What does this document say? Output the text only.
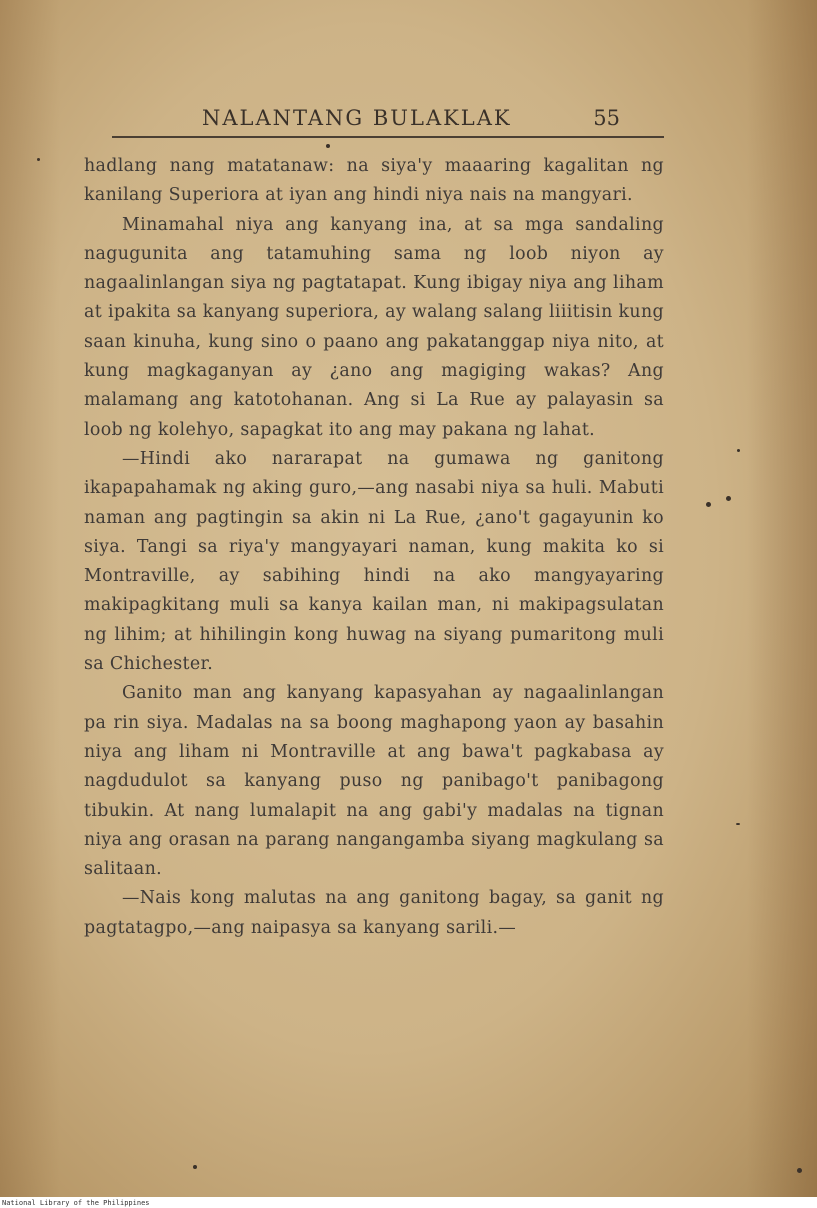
NALANTANG BULAKLAK	55

hadlang nang matatanaw: na siya'y maaaring kagalitan ng kanilang Superiora at iyan ang hindi niya nais na mangyari.

Minamahal niya ang kanyang ina, at sa mga sandaling nagugunita ang tatamuhing sama ng loob niyon ay nagaalinlangan siya ng pagtatapat. Kung ibigay niya ang liham at ipakita sa kanyang superiora, ay walang salang liiitisin kung saan kinuha, kung sino o paano ang pakatanggap niya nito, at kung magkaganyan ay ¿ano ang magiging wakas? Ang malamang ang katotohanan. Ang si La Rue ay palayasin sa loob ng kolehyo, sapagkat ito ang may pakana ng lahat.

—Hindi ako nararapat na gumawa ng ganitong ikapapahamak ng aking guro,—ang nasabi niya sa huli. Mabuti naman ang pagtingin sa akin ni La Rue, ¿ano't gagayunin ko siya. Tangi sa riya'y mangyayari naman, kung makita ko si Montraville, ay sabihing hindi na ako mangyayaring makipagkitang muli sa kanya kailan man, ni makipagsulatan ng lihim; at hihilingin kong huwag na siyang pumaritong muli sa Chichester.

Ganito man ang kanyang kapasyahan ay nagaalinlangan pa rin siya. Madalas na sa boong maghapong yaon ay basahin niya ang liham ni Montraville at ang bawa't pagkabasa ay nagdudulot sa kanyang puso ng panibago't panibagong tibukin. At nang lumalapit na ang gabi'y madalas na tignan niya ang orasan na parang nangangamba siyang magkulang sa salitaan.

—Nais kong malutas na ang ganitong bagay, sa ganit ng pagtatagpo,—ang naipasya sa kanyang sarili.—

National Library of the Philippines
